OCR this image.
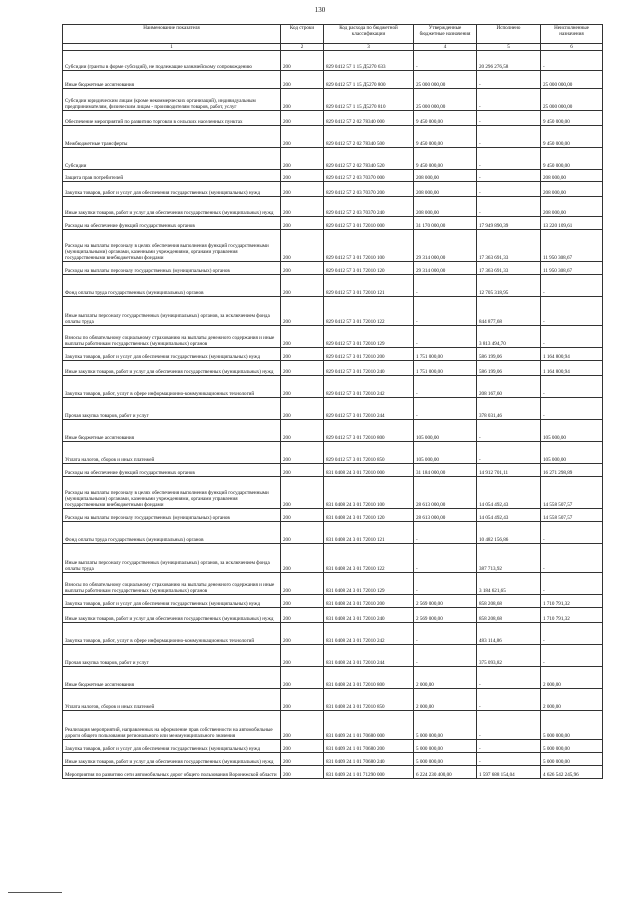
130
Наименование показателя	Код строки	Код расхода по бюджетной классификации	Утвержденные бюджетные назначения	Исполнено	Неисполненные назначения
1	2	3	4	5	6
Субсидии (гранты в форме субсидий), не подлежащие казначейскому сопровождению	200	829 0412 57 1 15 Д5270 633	-	20 296 276,58	-
Иные бюджетные ассигнования	200	829 0412 57 1 15 Д5270 800	25 000 000,00	-	25 000 000,00
Субсидии юридическим лицам (кроме некоммерческих организаций), индивидуальным предпринимателям, физическим лицам - производителям товаров, работ, услуг	200	829 0412 57 1 15 Д5270 810	25 000 000,00	-	25 000 000,00
Обеспечение мероприятий по развитию торговли в сельских населенных пунктах	200	829 0412 57 2 02 78340 000	9 450 000,00	-	9 450 000,00
Межбюджетные трансферты	200	829 0412 57 2 02 78340 500	9 450 000,00	-	9 450 000,00
Субсидии	200	829 0412 57 2 02 78340 520	9 450 000,00	-	9 450 000,00
Защита прав потребителей	200	829 0412 57 2 03 70370 000	208 000,00	-	208 000,00
Закупка товаров, работ и услуг для обеспечения государственных (муниципальных) нужд	200	829 0412 57 2 03 70370 200	208 000,00	-	208 000,00
Иные закупки товаров, работ и услуг для обеспечения государственных (муниципальных) нужд	200	829 0412 57 2 03 70370 240	208 000,00	-	208 000,00
Расходы на обеспечение функций государственных органов	200	829 0412 57 3 01 72010 000	31 170 000,00	17 949 890,39	13 220 109,61
Расходы на выплаты персоналу в целях обеспечения выполнения функций государственными (муниципальными) органами, казенными учреждениями, органами управления государственными внебюджетными фондами	200	829 0412 57 3 01 72010 100	29 314 000,00	17 363 691,33	11 950 308,67
Расходы на выплаты персоналу государственных (муниципальных) органов	200	829 0412 57 3 01 72010 120	29 314 000,00	17 363 691,33	11 950 308,67
Фонд оплаты труда государственных (муниципальных) органов	200	829 0412 57 3 01 72010 121	-	12 705 318,95	-
Иные выплаты персоналу государственных (муниципальных) органов, за исключением фонда оплаты труда	200	829 0412 57 3 01 72010 122	-	844 877,68	-
Взносы по обязательному социальному страхованию на выплаты денежного содержания и иные выплаты работникам государственных (муниципальных) органов	200	829 0412 57 3 01 72010 129	-	3 813 494,70	-
Закупка товаров, работ и услуг для обеспечения государственных (муниципальных) нужд	200	829 0412 57 3 01 72010 200	1 751 000,00	586 199,06	1 164 800,94
Иные закупки товаров, работ и услуг для обеспечения государственных (муниципальных) нужд	200	829 0412 57 3 01 72010 240	1 751 000,00	586 199,06	1 164 800,94
Закупка товаров, работ, услуг в сфере информационно-коммуникационных технологий	200	829 0412 57 3 01 72010 242	-	208 167,60	-
Прочая закупка товаров, работ и услуг	200	829 0412 57 3 01 72010 244	-	378 031,46	-
Иные бюджетные ассигнования	200	829 0412 57 3 01 72010 800	105 000,00	-	105 000,00
Уплата налогов, сборов и иных платежей	200	829 0412 57 3 01 72010 850	105 000,00	-	105 000,00
Расходы на обеспечение функций государственных органов	200	831 0408 24 3 01 72010 000	31 184 000,00	14 912 701,11	16 271 298,89
Расходы на выплаты персоналу в целях обеспечения выполнения функций государственными (муниципальными) органами, казенными учреждениями, органами управления государственными внебюджетными фондами	200	831 0408 24 3 01 72010 100	28 613 000,00	14 054 492,43	14 558 507,57
Расходы на выплаты персоналу государственных (муниципальных) органов	200	831 0408 24 3 01 72010 120	28 613 000,00	14 054 492,43	14 558 507,57
Фонд оплаты труда государственных (муниципальных) органов	200	831 0408 24 3 01 72010 121	-	10 482 156,86	-
Иные выплаты персоналу государственных (муниципальных) органов, за исключением фонда оплаты труда	200	831 0408 24 3 01 72010 122	-	387 713,92	-
Взносы по обязательному социальному страхованию на выплаты денежного содержания и иные выплаты работникам государственных (муниципальных) органов	200	831 0408 24 3 01 72010 129	-	3 184 621,65	-
Закупка товаров, работ и услуг для обеспечения государственных (муниципальных) нужд	200	831 0408 24 3 01 72010 200	2 569 000,00	858 208,68	1 710 791,32
Иные закупки товаров, работ и услуг для обеспечения государственных (муниципальных) нужд	200	831 0408 24 3 01 72010 240	2 569 000,00	858 208,68	1 710 791,32
Закупка товаров, работ, услуг в сфере информационно-коммуникационных технологий	200	831 0408 24 3 01 72010 242	-	483 114,86	-
Прочая закупка товаров, работ и услуг	200	831 0408 24 3 01 72010 244	-	375 093,82	-
Иные бюджетные ассигнования	200	831 0408 24 3 01 72010 800	2 000,00	-	2 000,00
Уплата налогов, сборов и иных платежей	200	831 0408 24 3 01 72010 850	2 000,00	-	2 000,00
Реализация мероприятий, направленных на оформление прав собственности на автомобильные дороги общего пользования регионального или межмуниципального значения	200	831 0409 24 1 01 70680 000	5 000 000,00	-	5 000 000,00
Закупка товаров, работ и услуг для обеспечения государственных (муниципальных) нужд	200	831 0409 24 1 01 70680 200	5 000 000,00	-	5 000 000,00
Иные закупки товаров, работ и услуг для обеспечения государственных (муниципальных) нужд	200	831 0409 24 1 01 70680 240	5 000 000,00	-	5 000 000,00
Мероприятия по развитию сети автомобильных дорог общего пользования Воронежской области	200	831 0409 24 1 01 71290 000	6 224 230 400,00	1 597 688 154,04	4 626 542 245,96
